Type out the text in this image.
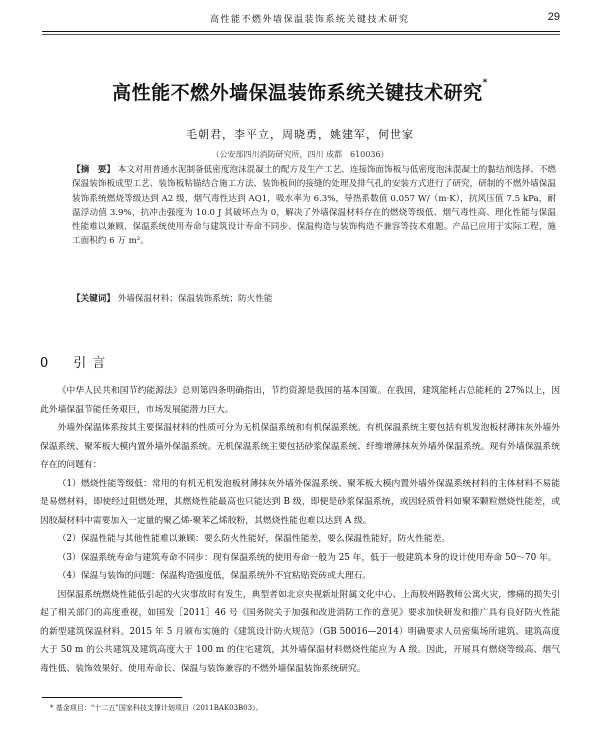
高性能不燃外墙保温装饰系统关键技术研究	29
高性能不燃外墙保温装饰系统关键技术研究*
毛朝君，李平立，周晓勇，姚建军，何世家
（公安部四川消防研究所，四川 成都　610036）
【摘　要】 本文对用普通水泥制备低密度泡沫混凝土的配方及生产工艺、连接饰面饰板与低密度泡沫混凝土的黏结剂选择、不燃保温装饰板成型工艺、装饰板粘锚结合施工方法、装饰板间的接缝的处理及排气孔的安装方式进行了研究，研制的不燃外墙保温装饰系统燃烧等级达到 A2 级，烟气毒性达到 AQ1，吸水率为 6.3%，导热系数值 0.057 W/（m·K），抗风压值 7.5 kPa，耐温浮动值 3.9%，抗冲击强度为 10.0 J 其破坏点为 0，解决了外墙保温材料存在的燃烧等级低、烟气毒性高、理化性能与保温性能难以兼顾、保温系统使用寿命与建筑设计寿命不同步、保温构造与装饰构造不兼容等技术难题。产品已应用于实际工程，施工面积约 6 万 m²。
【关键词】 外墙保温材料；保温装饰系统；防火性能
0  引言

《中华人民共和国节约能源法》总则第四条明确指出，节约资源是我国的基本国策。在我国，建筑能耗占总能耗的 27%以上，因此外墙保温节能任务艰巨，市场发展能潜力巨大。

外墙外保温体系按其主要保温材料的性质可分为无机保温系统和有机保温系统。有机保温系统主要包括有机发泡板材薄抹灰外墙外保温系统、聚苯板大模内置外墙外保温系统。无机保温系统主要包括砂浆保温系统、纤维增薄抹灰外墙外保温系统。现有外墙保温系统存在的问题有：

（1）燃烧性能等级低：常用的有机无机发泡板材薄抹灰外墙外保温系统、聚苯板大模内置外墙外保温系统材料的主体材料不易能是易燃材料，即使经过阻燃处理，其燃烧性能最高也只能达到 B 级，即便是砂浆保温系统，或因轻质骨料如聚苯颗粒燃烧性能差，或因胶凝材料中需要加入一定量的聚乙烯-聚苯乙烯胶粉，其燃烧性能也难以达到 A 级。

（2）保温性能与其他性能难以兼顾：要么防火性能好，保温性能差，要么保温性能好，防火性能差。

（3）保温系统寿命与建筑寿命不同步：现有保温系统的使用寿命一般为 25 年，低于一般建筑本身的设计使用寿命 50～70 年。

（4）保温与装饰的问题：保温构造强度低，保温系统外不宜粘贴瓷砖或大理石。

因保温系统燃烧性能低引起的火灾事故时有发生，典型者如北京央视新址附属文化中心、上海胶州路教师公寓火灾，惨痛的损失引起了相关部门的高度重视，如国发［2011］46 号《国务院关于加强和改进消防工作的意见》要求加快研发和推广具有良好防火性能的新型建筑保温材料。2015 年 5 月颁布实施的《建筑设计防火规范》（GB 50016—2014）明确要求人员密集场所建筑、建筑高度大于 50 m 的公共建筑及建筑高度大于 100 m 的住宅建筑，其外墙保温材料燃烧性能应为 A 级。因此，开展具有燃烧等级高、烟气毒性低、装饰效果好、使用寿命长、保温与装饰兼容的不燃外墙保温装饰系统研究。

* 基金项目：“十二五”国家科技支撑计划项目（2011BAK03B03）。
